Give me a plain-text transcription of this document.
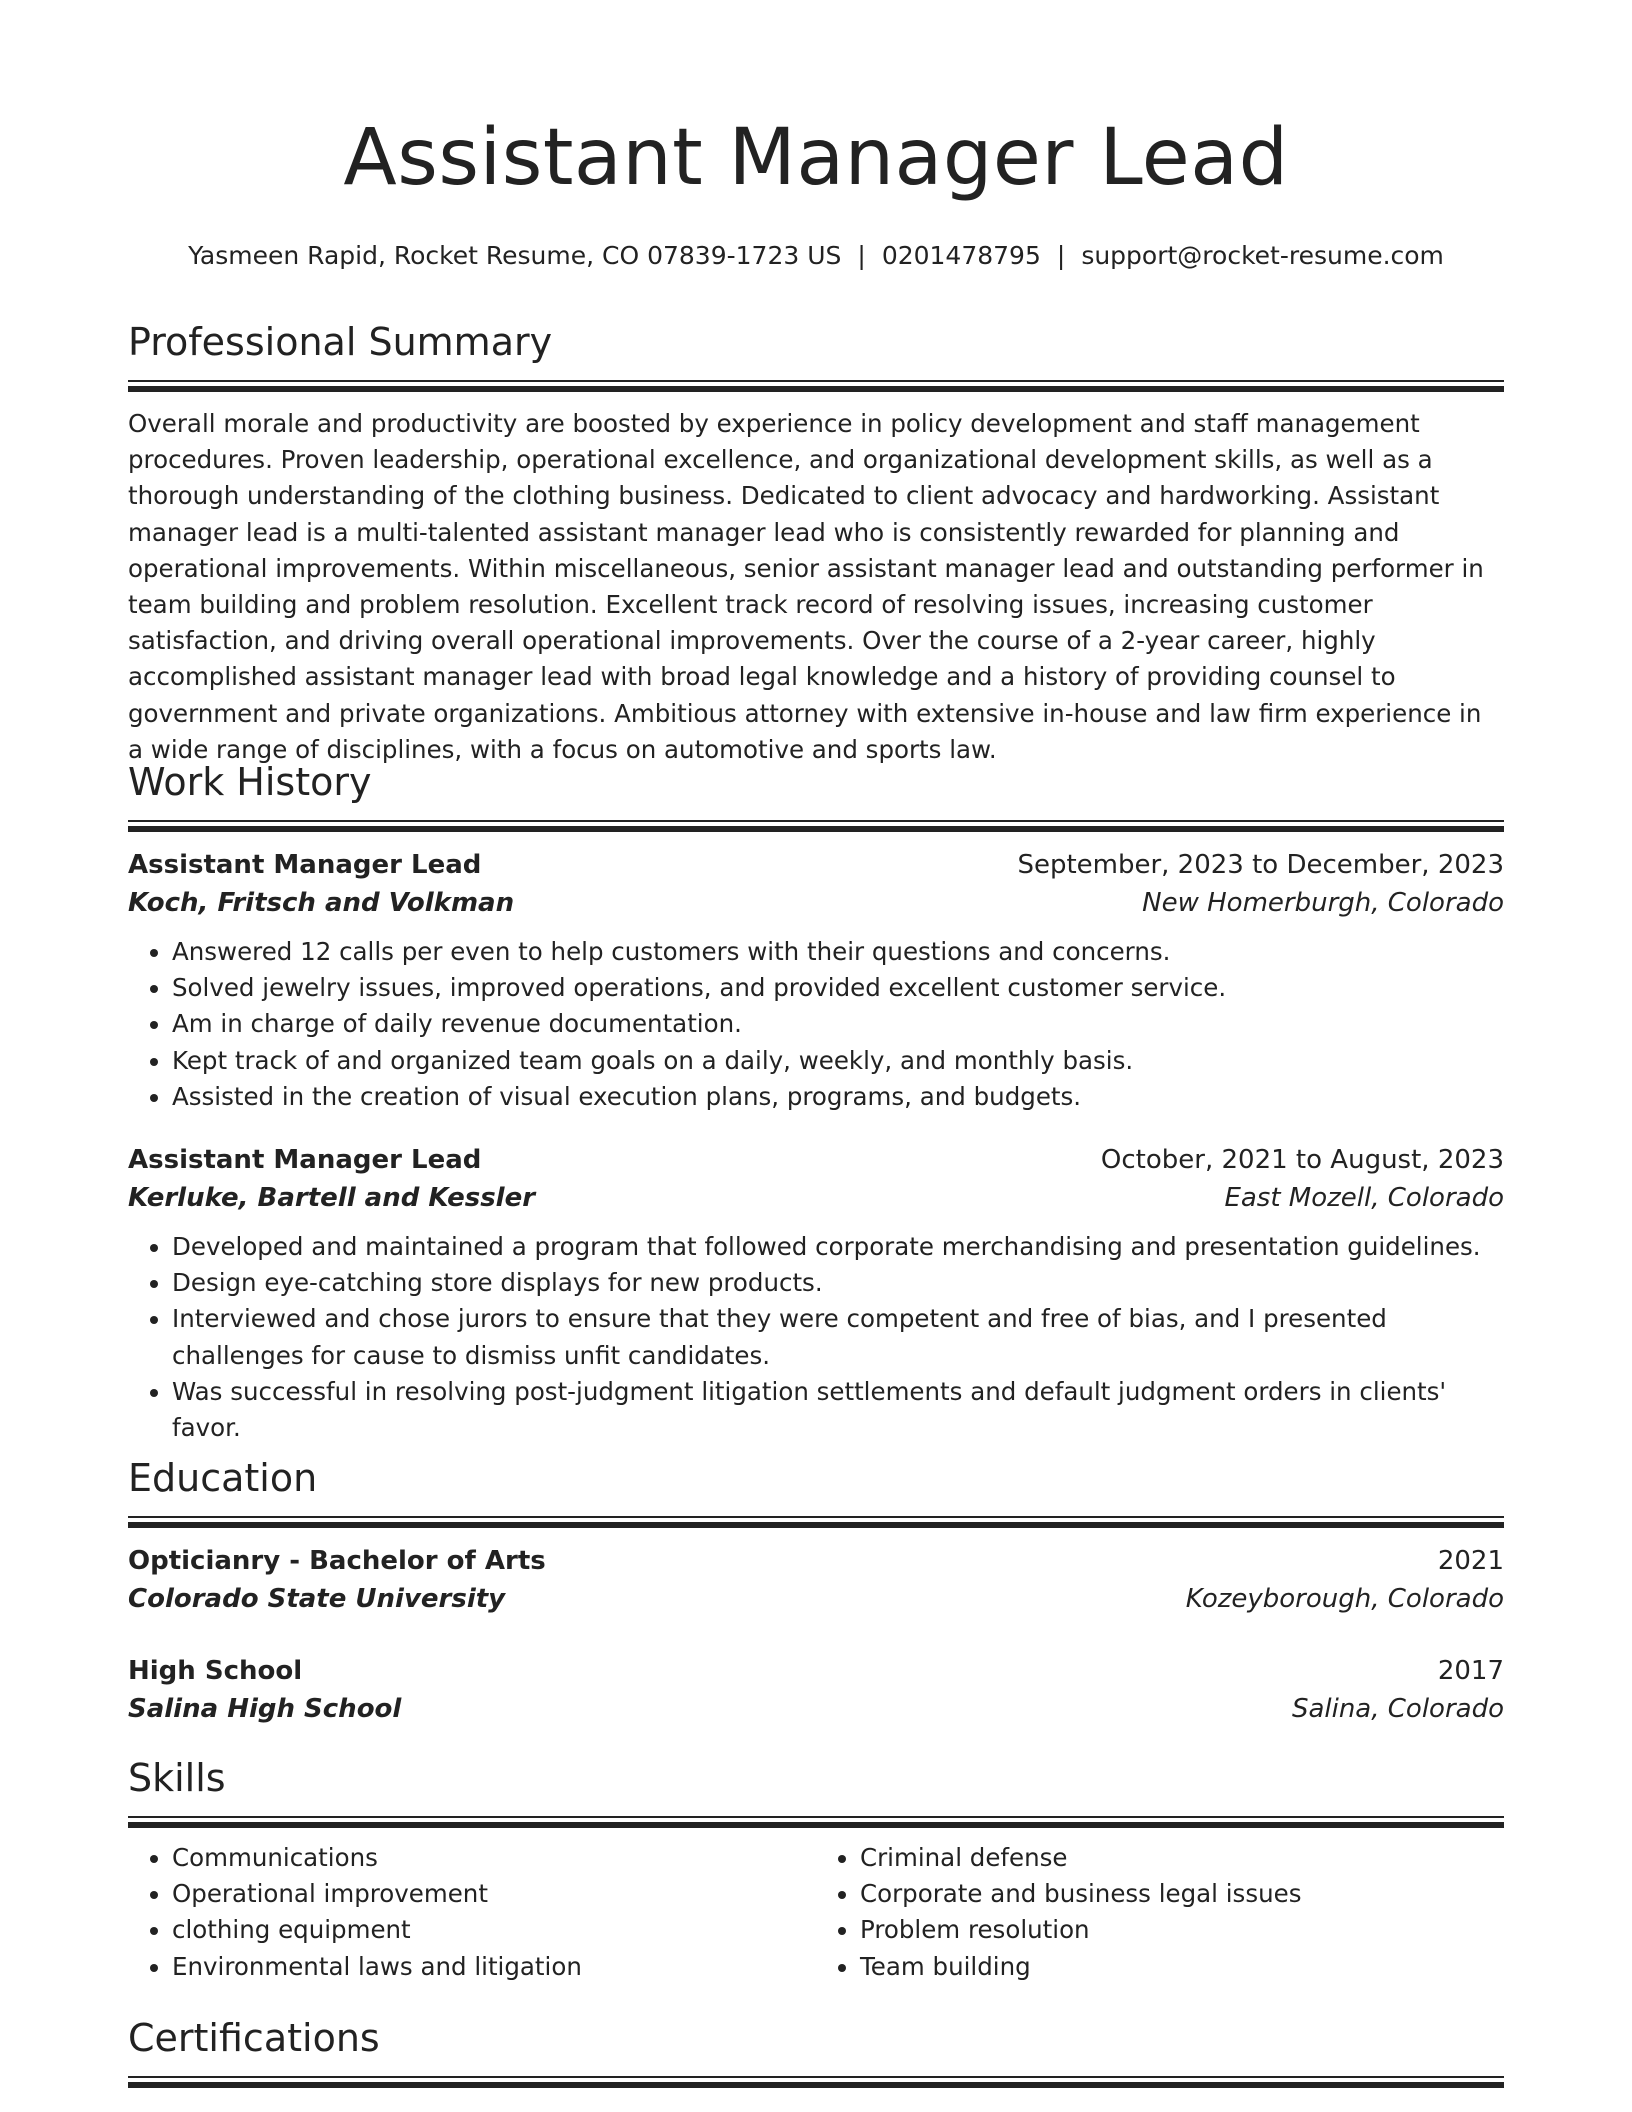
Assistant Manager Lead
Yasmeen Rapid, Rocket Resume, CO 07839-1723 US | 0201478795 | support@rocket-resume.com
Professional Summary
Overall morale and productivity are boosted by experience in policy development and staff management procedures. Proven leadership, operational excellence, and organizational development skills, as well as a thorough understanding of the clothing business. Dedicated to client advocacy and hardworking. Assistant manager lead is a multi-talented assistant manager lead who is consistently rewarded for planning and operational improvements. Within miscellaneous, senior assistant manager lead and outstanding performer in team building and problem resolution. Excellent track record of resolving issues, increasing customer satisfaction, and driving overall operational improvements. Over the course of a 2-year career, highly accomplished assistant manager lead with broad legal knowledge and a history of providing counsel to government and private organizations. Ambitious attorney with extensive in-house and law firm experience in a wide range of disciplines, with a focus on automotive and sports law.
Work History
Assistant Manager Lead	September, 2023 to December, 2023
Koch, Fritsch and Volkman	New Homerburgh, Colorado
• Answered 12 calls per even to help customers with their questions and concerns.
• Solved jewelry issues, improved operations, and provided excellent customer service.
• Am in charge of daily revenue documentation.
• Kept track of and organized team goals on a daily, weekly, and monthly basis.
• Assisted in the creation of visual execution plans, programs, and budgets.
Assistant Manager Lead	October, 2021 to August, 2023
Kerluke, Bartell and Kessler	East Mozell, Colorado
• Developed and maintained a program that followed corporate merchandising and presentation guidelines.
• Design eye-catching store displays for new products.
• Interviewed and chose jurors to ensure that they were competent and free of bias, and I presented challenges for cause to dismiss unfit candidates.
• Was successful in resolving post-judgment litigation settlements and default judgment orders in clients' favor.
Education
Opticianry - Bachelor of Arts	2021
Colorado State University	Kozeyborough, Colorado
High School	2017
Salina High School	Salina, Colorado
Skills
• Communications
• Operational improvement
• clothing equipment
• Environmental laws and litigation
• Criminal defense
• Corporate and business legal issues
• Problem resolution
• Team building
Certifications
